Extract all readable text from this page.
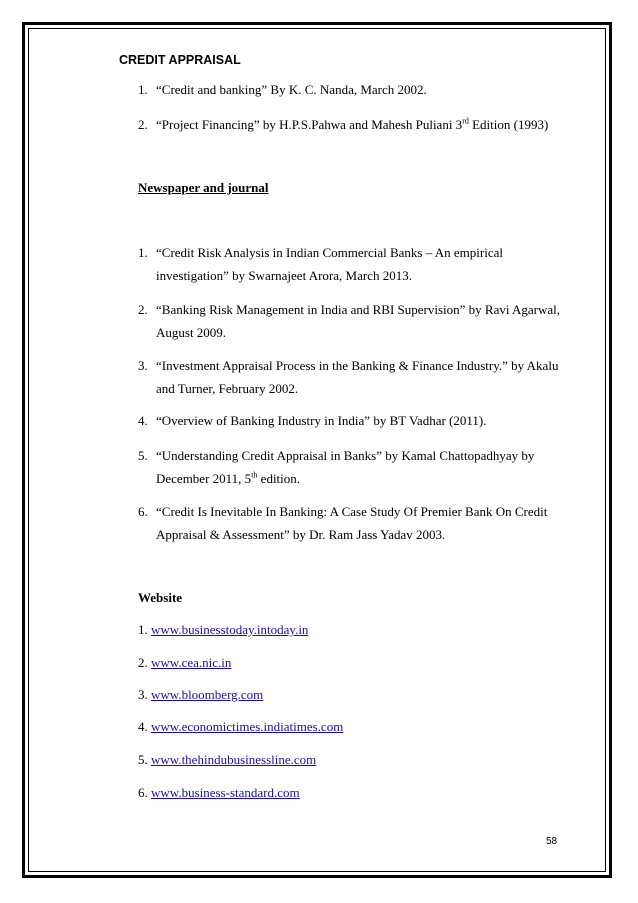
CREDIT APPRAISAL
1. “Credit and banking” By K. C. Nanda, March 2002.
2. “Project Financing” by H.P.S.Pahwa and Mahesh Puliani 3rd Edition (1993)
Newspaper and journal
1. “Credit Risk Analysis in Indian Commercial Banks – An empirical
investigation” by Swarnajeet Arora, March 2013.
2. “Banking Risk Management in India and RBI Supervision” by Ravi Agarwal,
August 2009.
3. “Investment Appraisal Process in the Banking & Finance Industry.” by Akalu
and Turner, February 2002.
4. “Overview of Banking Industry in India” by BT Vadhar (2011).
5. “Understanding Credit Appraisal in Banks” by Kamal Chattopadhyay by
December 2011, 5th edition.
6. “Credit Is Inevitable In Banking: A Case Study Of Premier Bank On Credit
Appraisal & Assessment” by Dr. Ram Jass Yadav 2003.
Website
1. www.businesstoday.intoday.in
2. www.cea.nic.in
3. www.bloomberg.com
4. www.economictimes.indiatimes.com
5. www.thehindubusinessline.com
6. www.business-standard.com
58
